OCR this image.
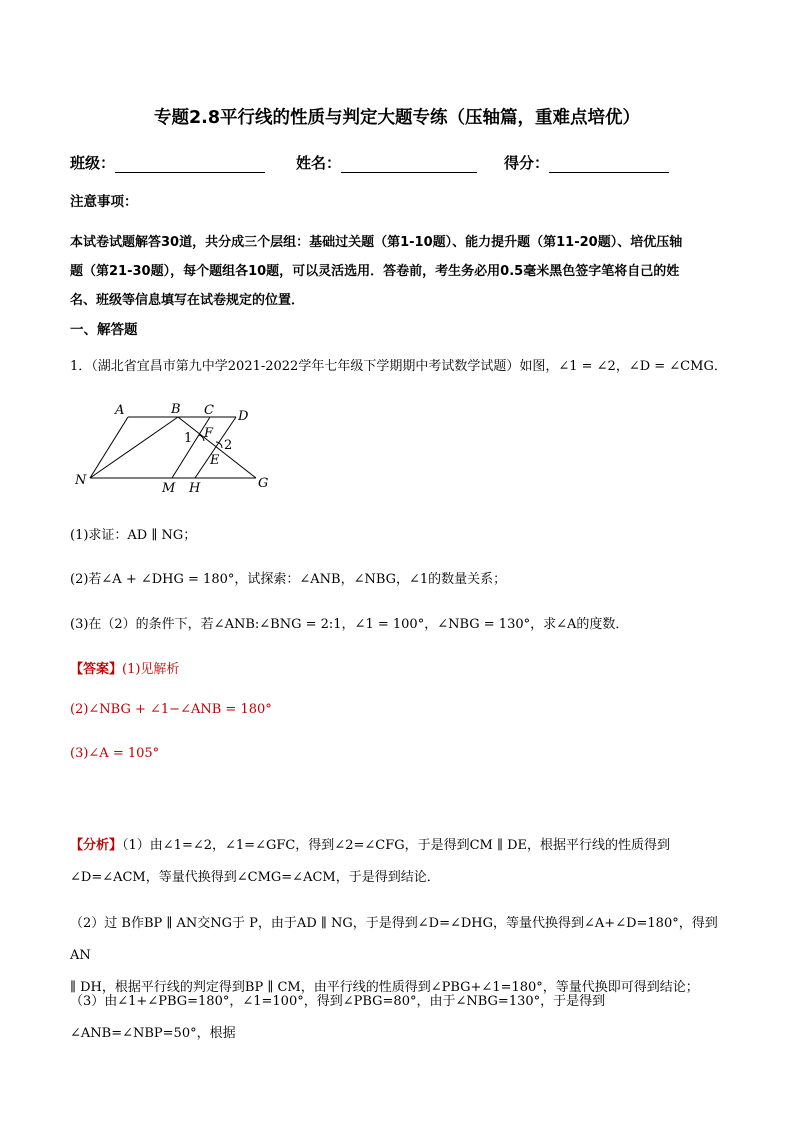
专题2.8平行线的性质与判定大题专练（压轴篇，重难点培优）
班级：	姓名：	得分：
注意事项：
本试卷试题解答30道，共分成三个层组：基础过关题（第1-10题）、能力提升题（第11-20题）、培优压轴
题（第21-30题），每个题组各10题，可以灵活选用．答卷前，考生务必用0.5毫米黑色签字笔将自己的姓
名、班级等信息填写在试卷规定的位置．
一、解答题
1．（湖北省宜昌市第九中学2021-2022学年七年级下学期期中考试数学试题）如图，∠1 = ∠2，∠D = ∠CMG．
A	B C D
F
E
N
M H	G
1 2
(1)求证：AD ∥ NG；
(2)若∠A + ∠DHG = 180°，试探索：∠ANB，∠NBG，∠1的数量关系；
(3)在（2）的条件下，若∠ANB:∠BNG = 2:1，∠1 = 100°，∠NBG = 130°，求∠A的度数．
【答案】(1)见解析
(2)∠NBG + ∠1−∠ANB = 180°
(3)∠A = 105°
【分析】（1）由∠1=∠2，∠1=∠GFC，得到∠2=∠CFG，于是得到CM ∥ DE，根据平行线的性质得到
∠D=∠ACM，等量代换得到∠CMG=∠ACM，于是得到结论．
（2）过 B作BP ∥ AN交NG于 P，由于AD ∥ NG，于是得到∠D=∠DHG，等量代换得到∠A+∠D=180°，得到AN
∥ DH，根据平行线的判定得到BP ∥ CM，由平行线的性质得到∠PBG+∠1=180°，等量代换即可得到结论；
（3）由∠1+∠PBG=180°，∠1=100°，得到∠PBG=80°，由于∠NBG=130°，于是得到∠ANB=∠NBP=50°，根据
